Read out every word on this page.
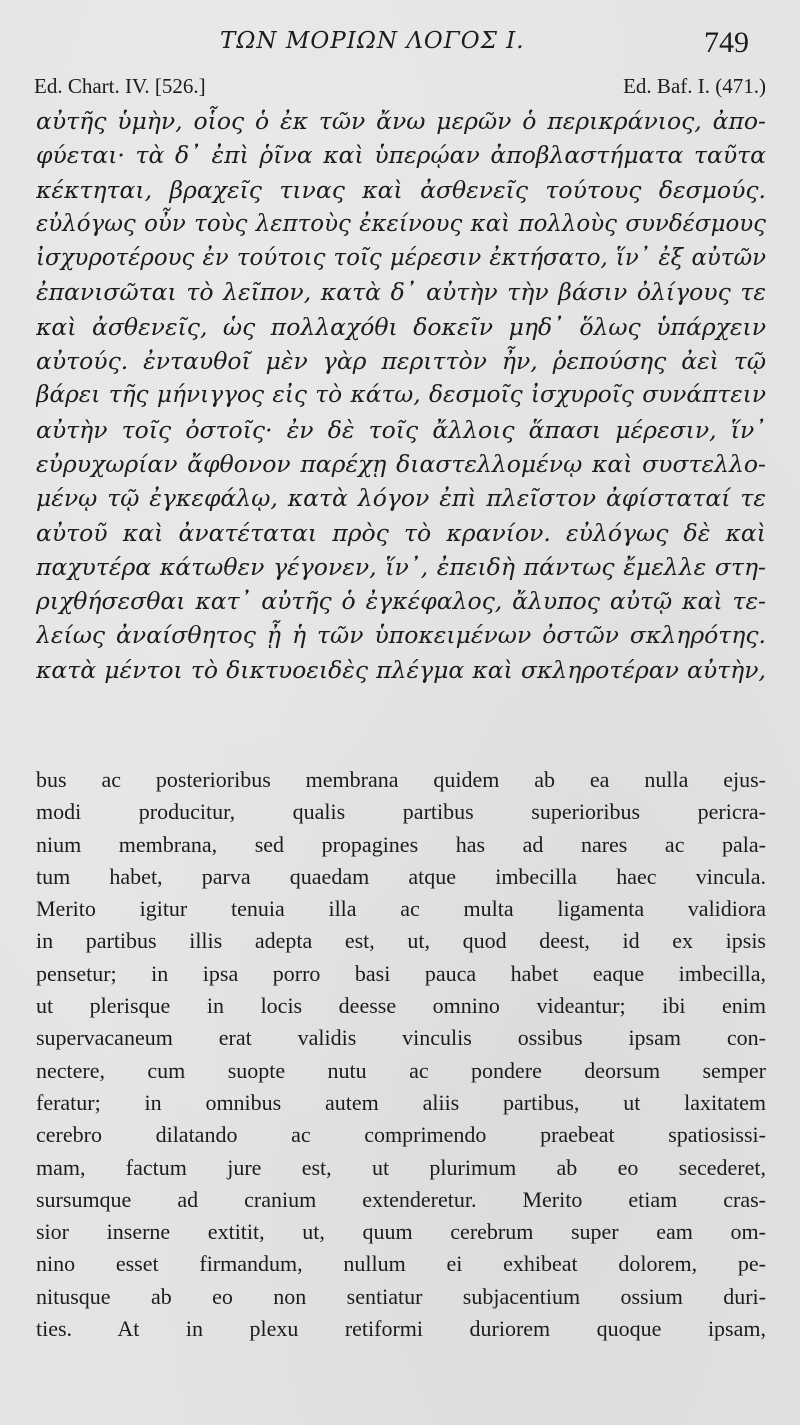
ΤΩΝ ΜΟΡΙΩΝ ΛΟΓΟΣ Ι.	749
Ed. Chart. IV. [526.]	Ed. Baf. I. (471.)
αὐτῆς ὑμὴν, οἷος ὁ ἐκ τῶν ἄνω μερῶν ὁ περικράνιος, ἀπο-
φύεται· τὰ δ᾽ ἐπὶ ῥῖνα καὶ ὑπερῴαν ἀποβλαστήματα ταῦτα
κέκτηται, βραχεῖς τινας καὶ ἀσθενεῖς τούτους δεσμούς.
εὐλόγως οὖν τοὺς λεπτοὺς ἐκείνους καὶ πολλοὺς συνδέσμους
ἰσχυροτέρους ἐν τούτοις τοῖς μέρεσιν ἐκτήσατο, ἵν᾽ ἐξ αὐτῶν
ἐπανισῶται τὸ λεῖπον, κατὰ δ᾽ αὐτὴν τὴν βάσιν ὀλίγους τε
καὶ ἀσθενεῖς, ὡς πολλαχόθι δοκεῖν μηδ᾽ ὅλως ὑπάρχειν
αὐτούς. ἐνταυθοῖ μὲν γὰρ περιττὸν ἦν, ῥεπούσης ἀεὶ τῷ
βάρει τῆς μήνιγγος εἰς τὸ κάτω, δεσμοῖς ἰσχυροῖς συνάπτειν
αὐτὴν τοῖς ὀστοῖς· ἐν δὲ τοῖς ἄλλοις ἅπασι μέρεσιν, ἵν᾽
εὐρυχωρίαν ἄφθονον παρέχῃ διαστελλομένῳ καὶ συστελλο-
μένῳ τῷ ἐγκεφάλῳ, κατὰ λόγον ἐπὶ πλεῖστον ἀφίσταταί τε
αὐτοῦ καὶ ἀνατέταται πρὸς τὸ κρανίον. εὐλόγως δὲ καὶ
παχυτέρα κάτωθεν γέγονεν, ἵν᾽, ἐπειδὴ πάντως ἔμελλε στη-
ριχθήσεσθαι κατ᾽ αὐτῆς ὁ ἐγκέφαλος, ἄλυπος αὐτῷ καὶ τε-
λείως ἀναίσθητος ᾖ ἡ τῶν ὑποκειμένων ὀστῶν σκληρότης.
κατὰ μέντοι τὸ δικτυοειδὲς πλέγμα καὶ σκληροτέραν αὐτὴν,
bus ac posterioribus membrana quidem ab ea nulla ejus-
modi producitur, qualis partibus superioribus pericra-
nium membrana, sed propagines has ad nares ac pala-
tum habet, parva quaedam atque imbecilla haec vincula.
Merito igitur tenuia illa ac multa ligamenta validiora
in partibus illis adepta est, ut, quod deest, id ex ipsis
pensetur; in ipsa porro basi pauca habet eaque imbecilla,
ut plerisque in locis deesse omnino videantur; ibi enim
supervacaneum erat validis vinculis ossibus ipsam con-
nectere, cum suopte nutu ac pondere deorsum semper
feratur; in omnibus autem aliis partibus, ut laxitatem
cerebro dilatando ac comprimendo praebeat spatiosissi-
mam, factum jure est, ut plurimum ab eo secederet,
sursumque ad cranium extenderetur. Merito etiam cras-
sior inserne extitit, ut, quum cerebrum super eam om-
nino esset firmandum, nullum ei exhibeat dolorem, pe-
nitusque ab eo non sentiatur subjacentium ossium duri-
ties. At in plexu retiformi duriorem quoque ipsam,
